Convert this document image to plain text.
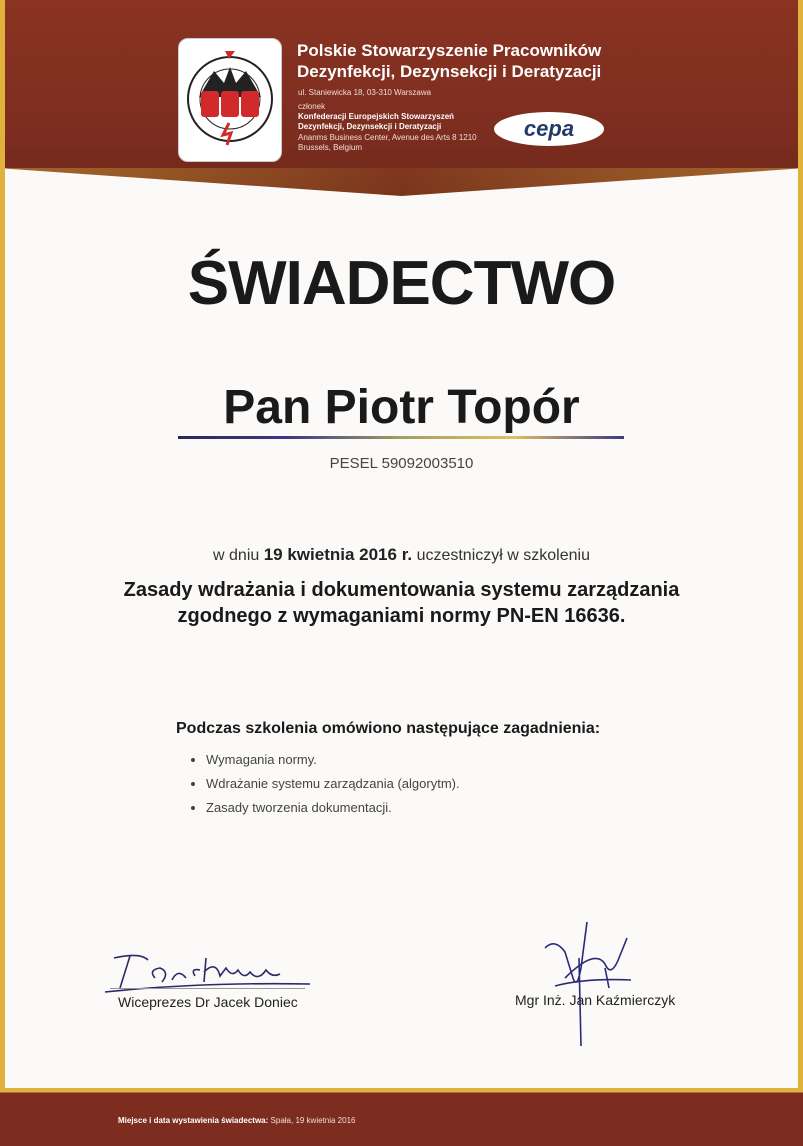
Polskie Stowarzyszenie Pracowników
Dezynfekcji, Dezynsekcji i Deratyzacji
ul. Staniewicka 18, 03-310 Warszawa
członek
Konfederacji Europejskich Stowarzyszeń Dezynfekcji, Dezynsekcji i Deratyzacji
Ananms Business Center, Avenue des Arts 8 1210 Brussels, Belgium
cepa
ŚWIADECTWO
Pan Piotr Topór
PESEL 59092003510
w dniu 19 kwietnia 2016 r. uczestniczył w szkoleniu
Zasady wdrażania i dokumentowania systemu zarządzania
zgodnego z wymaganiami normy PN-EN 16636.
Podczas szkolenia omówiono następujące zagadnienia:
• Wymagania normy.
• Wdrażanie systemu zarządzania (algorytm).
• Zasady tworzenia dokumentacji.
Wiceprezes Dr Jacek Doniec	Mgr Inż. Jan Kaźmierczyk
Miejsce i data wystawienia świadectwa: Spała, 19 kwietnia 2016
